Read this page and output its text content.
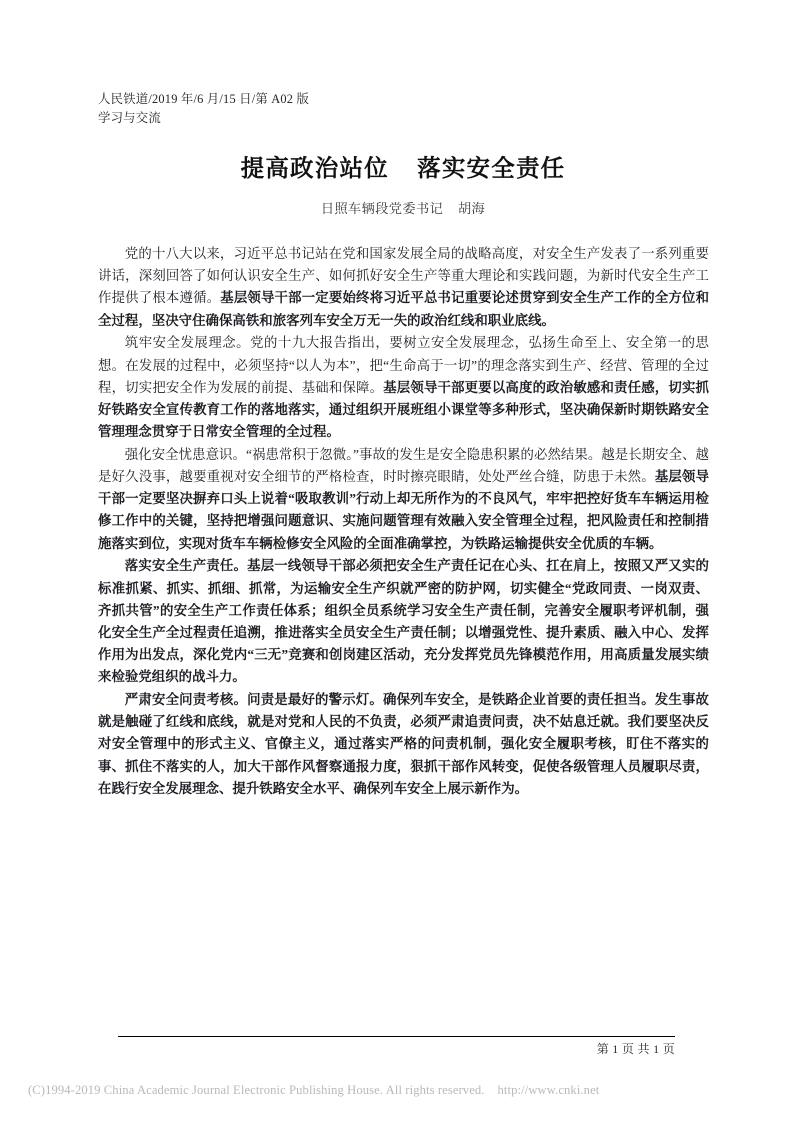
人民铁道/2019 年/6 月/15 日/第 A02 版
学习与交流
提高政治站位    落实安全责任
日照车辆段党委书记    胡海

党的十八大以来，习近平总书记站在党和国家发展全局的战略高度，对安全生产发表了一系列重要讲话，深刻回答了如何认识安全生产、如何抓好安全生产等重大理论和实践问题，为新时代安全生产工作提供了根本遵循。基层领导干部一定要始终将习近平总书记重要论述贯穿到安全生产工作的全方位和全过程，坚决守住确保高铁和旅客列车安全万无一失的政治红线和职业底线。

筑牢安全发展理念。党的十九大报告指出，要树立安全发展理念，弘扬生命至上、安全第一的思想。在发展的过程中，必须坚持“以人为本”，把“生命高于一切”的理念落实到生产、经营、管理的全过程，切实把安全作为发展的前提、基础和保障。基层领导干部更要以高度的政治敏感和责任感，切实抓好铁路安全宣传教育工作的落地落实，通过组织开展班组小课堂等多种形式，坚决确保新时期铁路安全管理理念贯穿于日常安全管理的全过程。

强化安全忧患意识。“祸患常积于忽微。”事故的发生是安全隐患积累的必然结果。越是长期安全、越是好久没事，越要重视对安全细节的严格检查，时时擦亮眼睛，处处严丝合缝，防患于未然。基层领导干部一定要坚决摒弃口头上说着“吸取教训”行动上却无所作为的不良风气，牢牢把控好货车车辆运用检修工作中的关键，坚持把增强问题意识、实施问题管理有效融入安全管理全过程，把风险责任和控制措施落实到位，实现对货车车辆检修安全风险的全面准确掌控，为铁路运输提供安全优质的车辆。

落实安全生产责任。基层一线领导干部必须把安全生产责任记在心头、扛在肩上，按照又严又实的标准抓紧、抓实、抓细、抓常，为运输安全生产织就严密的防护网，切实健全“党政同责、一岗双责、齐抓共管”的安全生产工作责任体系；组织全员系统学习安全生产责任制，完善安全履职考评机制，强化安全生产全过程责任追溯，推进落实全员安全生产责任制；以增强党性、提升素质、融入中心、发挥作用为出发点，深化党内“三无”竞赛和创岗建区活动，充分发挥党员先锋模范作用，用高质量发展实绩来检验党组织的战斗力。

严肃安全问责考核。问责是最好的警示灯。确保列车安全，是铁路企业首要的责任担当。发生事故就是触碰了红线和底线，就是对党和人民的不负责，必须严肃追责问责，决不姑息迁就。我们要坚决反对安全管理中的形式主义、官僚主义，通过落实严格的问责机制，强化安全履职考核，盯住不落实的事、抓住不落实的人，加大干部作风督察通报力度，狠抓干部作风转变，促使各级管理人员履职尽责，在践行安全发展理念、提升铁路安全水平、确保列车安全上展示新作为。

第 1 页 共 1 页
(C)1994-2019 China Academic Journal Electronic Publishing House. All rights reserved.    http://www.cnki.net
